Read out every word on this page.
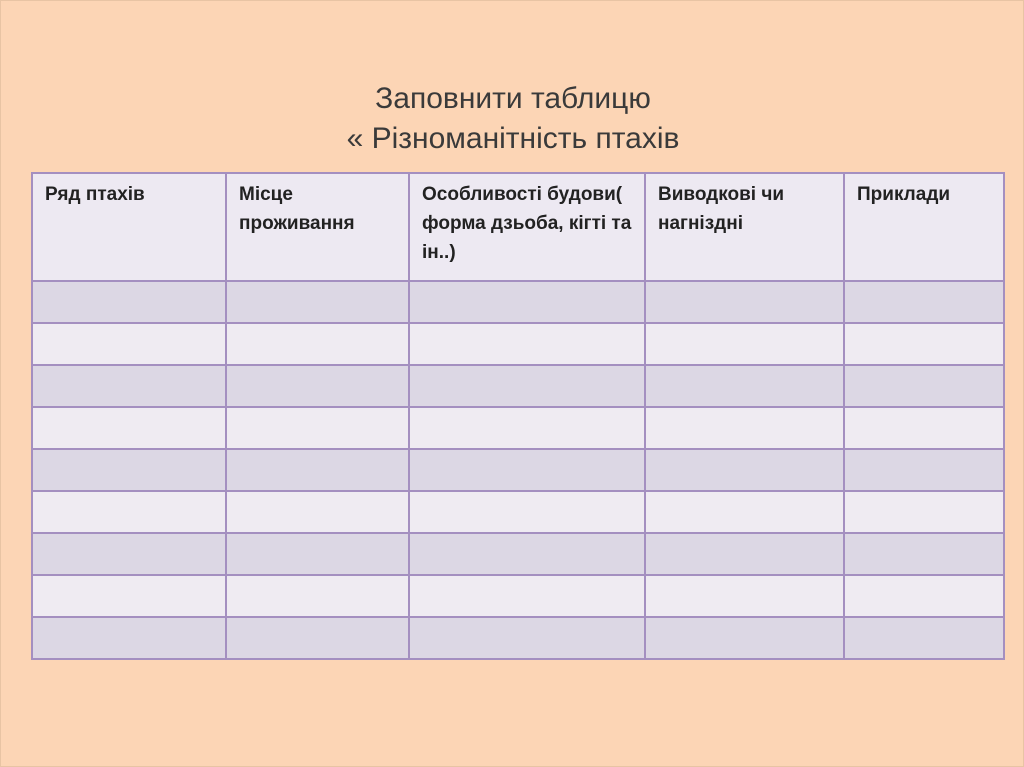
Заповнити таблицю
« Різноманітність птахів
Ряд птахів	Місце проживання	Особливості будови( форма дзьоба, кігті та ін..)	Виводкові чи нагніздні	Приклади
